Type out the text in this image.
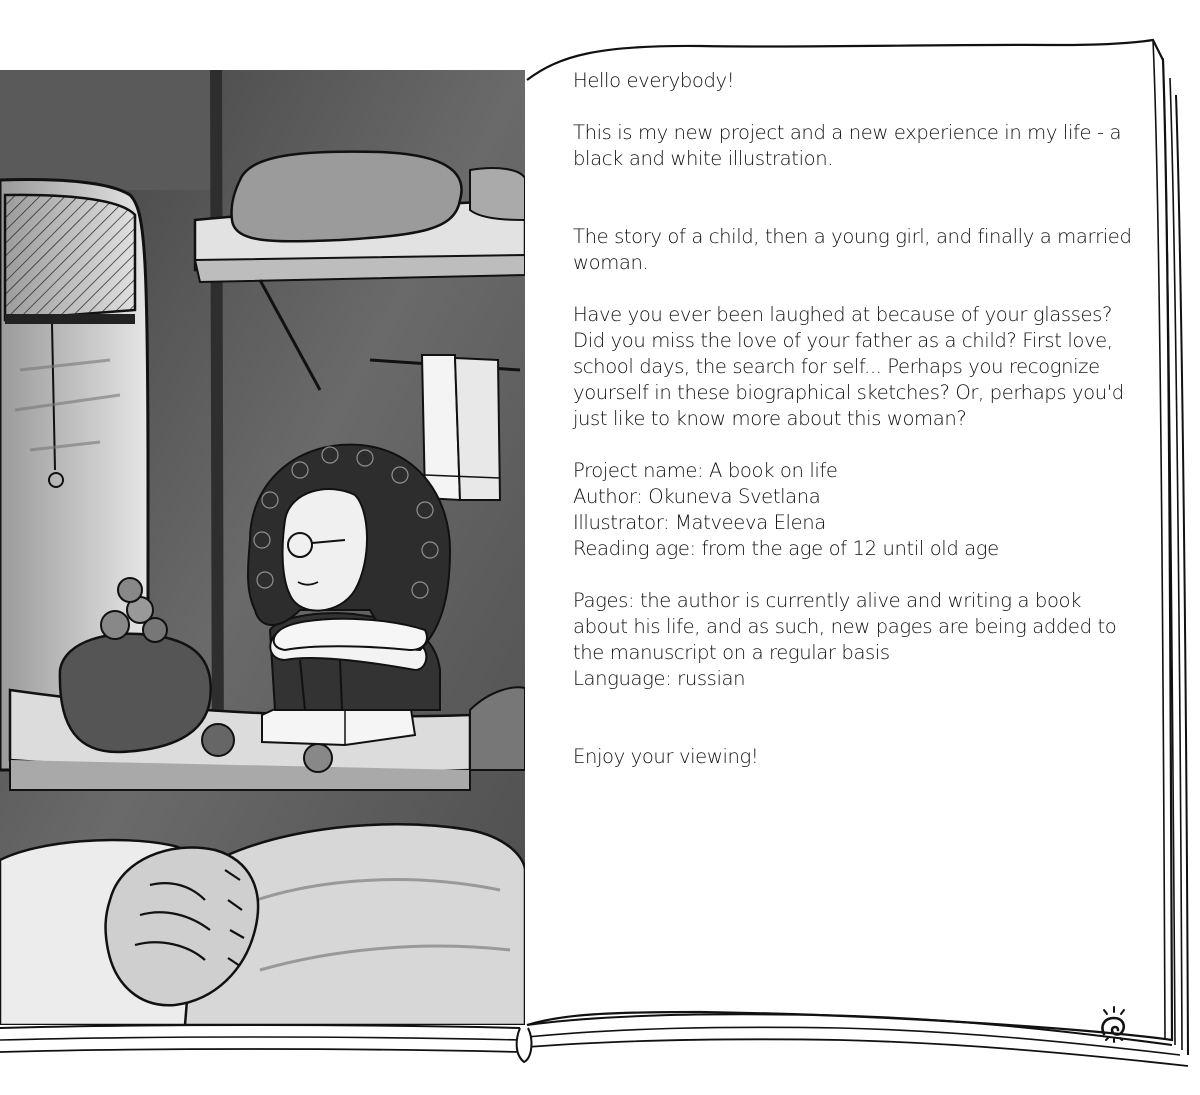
Hello everybody!

This is my new project and a new experience in my life - a black and white illustration.

The story of a child, then a young girl, and finally a married woman.

Have you ever been laughed at because of your glasses? Did you miss the love of your father as a child? First love, school days, the search for self... Perhaps you recognize yourself in these biographical sketches? Or, perhaps you'd just like to know more about this woman?

Project name: A book on life

Author: Okuneva Svetlana

Illustrator: Matveeva Elena

Reading age: from the age of 12 until old age

Pages: the author is currently alive and writing a book about his life, and as such, new pages are being added to the manuscript on a regular basis

Language: russian

Enjoy your viewing!
